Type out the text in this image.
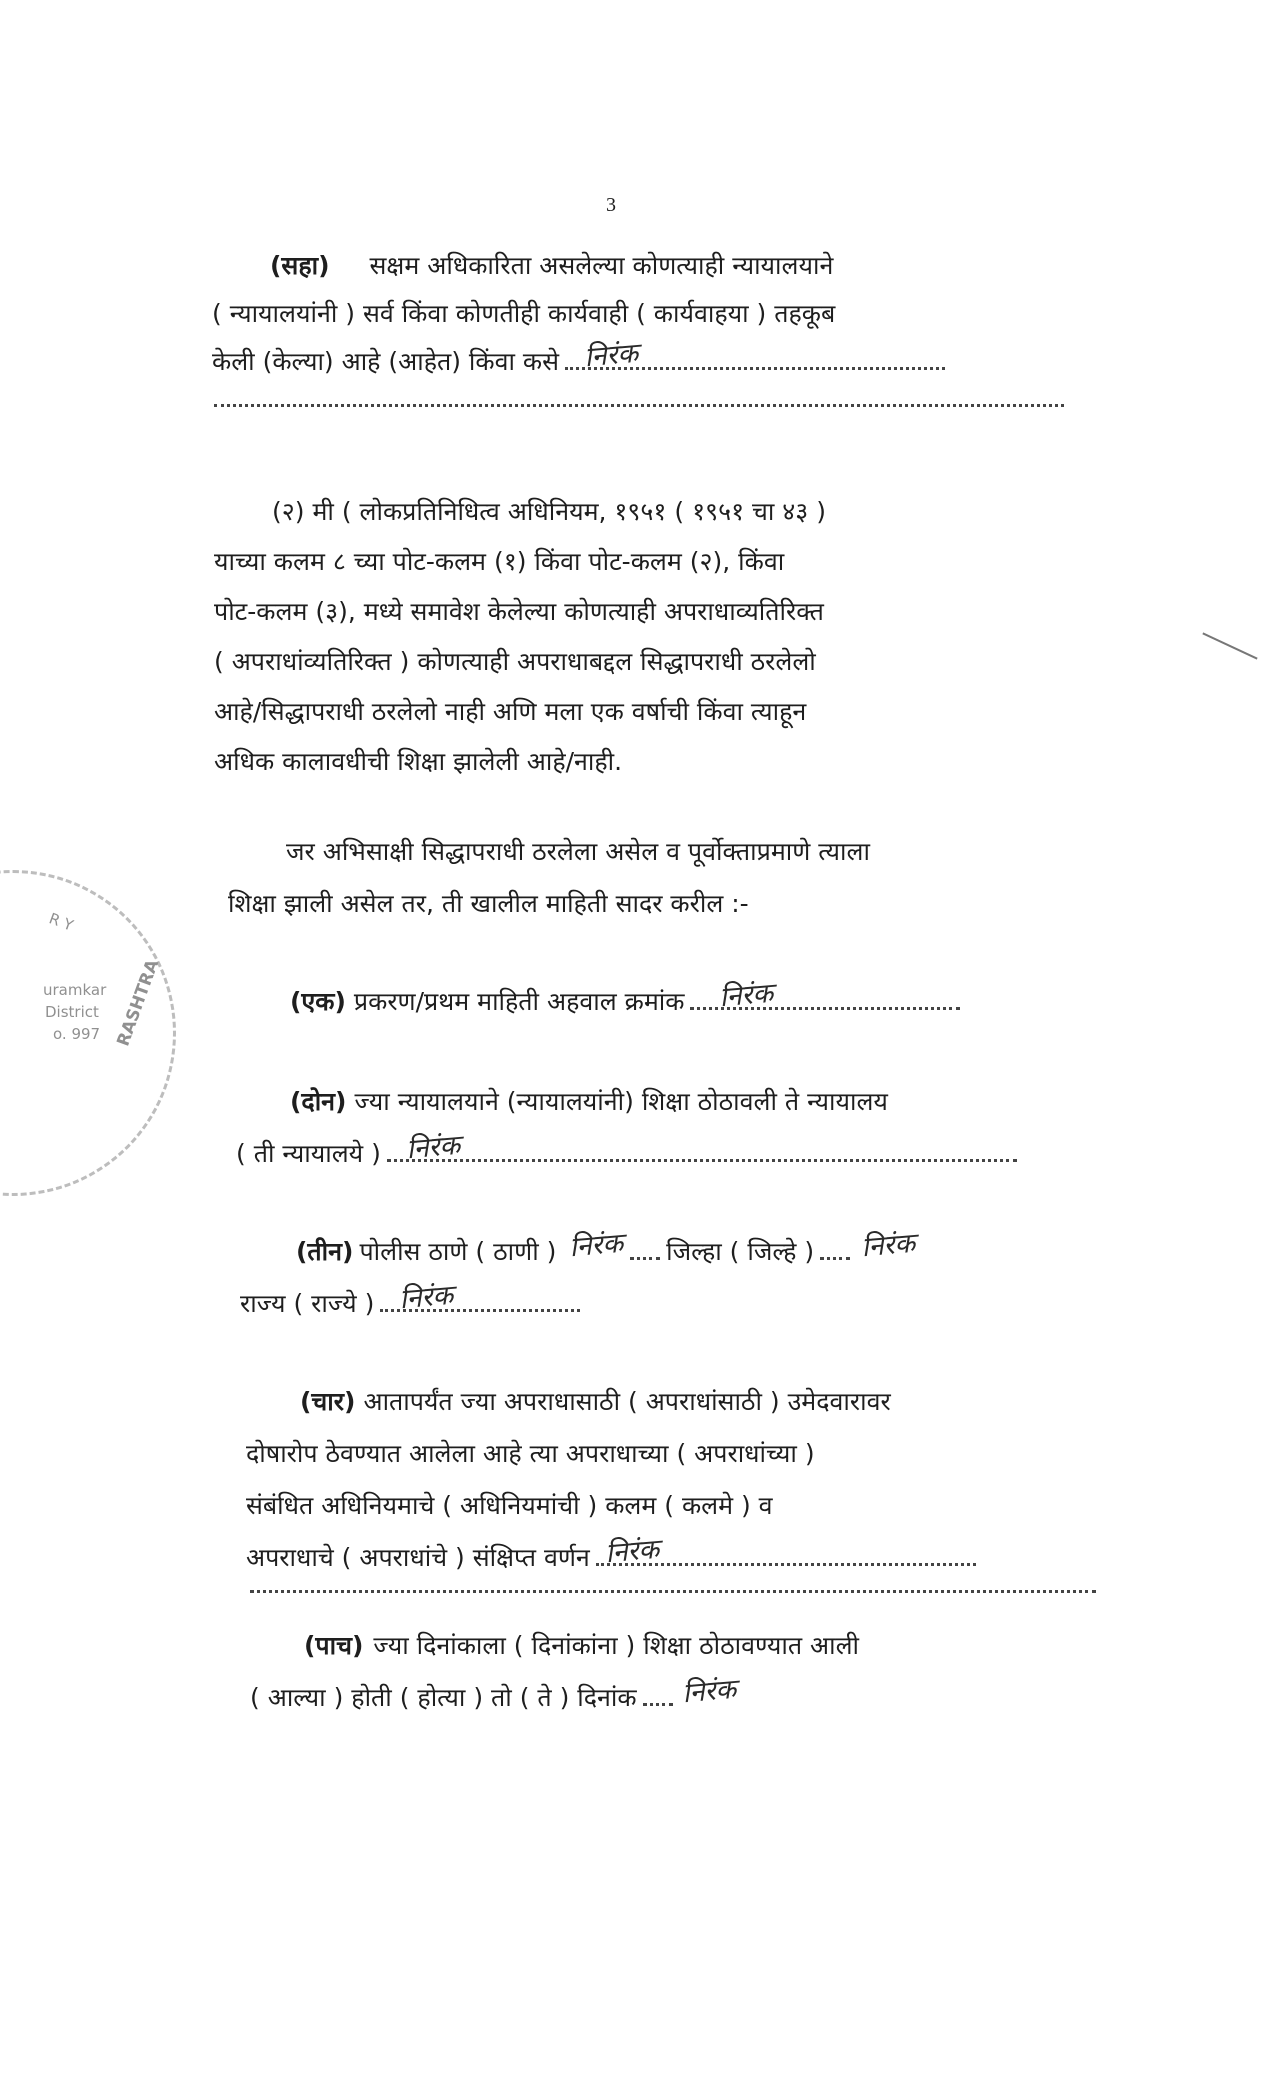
3
R Y
uramkar
District
o. 997 RASHTRA
(सहा) सक्षम अधिकारिता असलेल्या कोणत्याही न्यायालयाने
( न्यायालयांनी ) सर्व किंवा कोणतीही कार्यवाही ( कार्यवाहया ) तहकूब
केली (केल्या) आहे (आहेत) किंवा कसे निरंक
(२) मी ( लोकप्रतिनिधित्व अधिनियम, १९५१ ( १९५१ चा ४३ )
याच्या कलम ८ च्या पोट-कलम (१) किंवा पोट-कलम (२), किंवा
पोट-कलम (३), मध्ये समावेश केलेल्या कोणत्याही अपराधाव्यतिरिक्त
( अपराधांव्यतिरिक्त ) कोणत्याही अपराधाबद्दल सिद्धापराधी ठरलेलो
आहे/सिद्धापराधी ठरलेलो नाही अणि मला एक वर्षाची किंवा त्याहून
अधिक कालावधीची शिक्षा झालेली आहे/नाही.
जर अभिसाक्षी सिद्धापराधी ठरलेला असेल व पूर्वोक्ताप्रमाणे त्याला
शिक्षा झाली असेल तर, ती खालील माहिती सादर करील :-
(एक) प्रकरण/प्रथम माहिती अहवाल क्रमांक निरंक
(दोन) ज्या न्यायालयाने (न्यायालयांनी) शिक्षा ठोठावली ते न्यायालय
( ती न्यायालये ) निरंक
(तीन) पोलीस ठाणे ( ठाणी ) निरंक जिल्हा ( जिल्हे ) निरंक
राज्य ( राज्ये ) निरंक
(चार) आतापर्यंत ज्या अपराधासाठी ( अपराधांसाठी ) उमेदवारावर
दोषारोप ठेवण्यात आलेला आहे त्या अपराधाच्या ( अपराधांच्या )
संबंधित अधिनियमाचे ( अधिनियमांची ) कलम ( कलमे ) व
अपराधाचे ( अपराधांचे ) संक्षिप्त वर्णन निरंक
(पाच) ज्या दिनांकाला ( दिनांकांना ) शिक्षा ठोठावण्यात आली
( आल्या ) होती ( होत्या ) तो ( ते ) दिनांक निरंक
